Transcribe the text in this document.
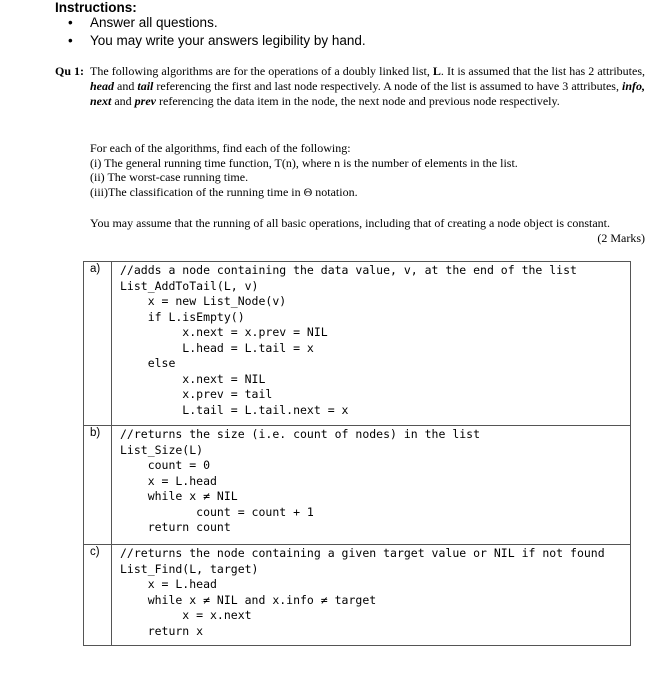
Instructions:
• Answer all questions.
• You may write your answers legibility by hand.
Qu 1: The following algorithms are for the operations of a doubly linked list, L. It is assumed that the list has 2 attributes, head and tail referencing the first and last node respectively. A node of the list is assumed to have 3 attributes, info, next and prev referencing the data item in the node, the next node and previous node respectively.
For each of the algorithms, find each of the following:
(i) The general running time function, T(n), where n is the number of elements in the list.
(ii) The worst-case running time.
(iii)The classification of the running time in Θ notation.
You may assume that the running of all basic operations, including that of creating a node object is constant.
(2 Marks)
a) //adds a node containing the data value, v, at the end of the list
List_AddToTail(L, v)
x = new List_Node(v)
if L.isEmpty()
x.next = x.prev = NIL
L.head = L.tail = x
else
x.next = NIL
x.prev = tail
L.tail = L.tail.next = x
b) //returns the size (i.e. count of nodes) in the list
List_Size(L)
count = 0
x = L.head
while x ≠ NIL
count = count + 1
return count
c) //returns the node containing a given target value or NIL if not found
List_Find(L, target)
x = L.head
while x ≠ NIL and x.info ≠ target
x = x.next
return x
